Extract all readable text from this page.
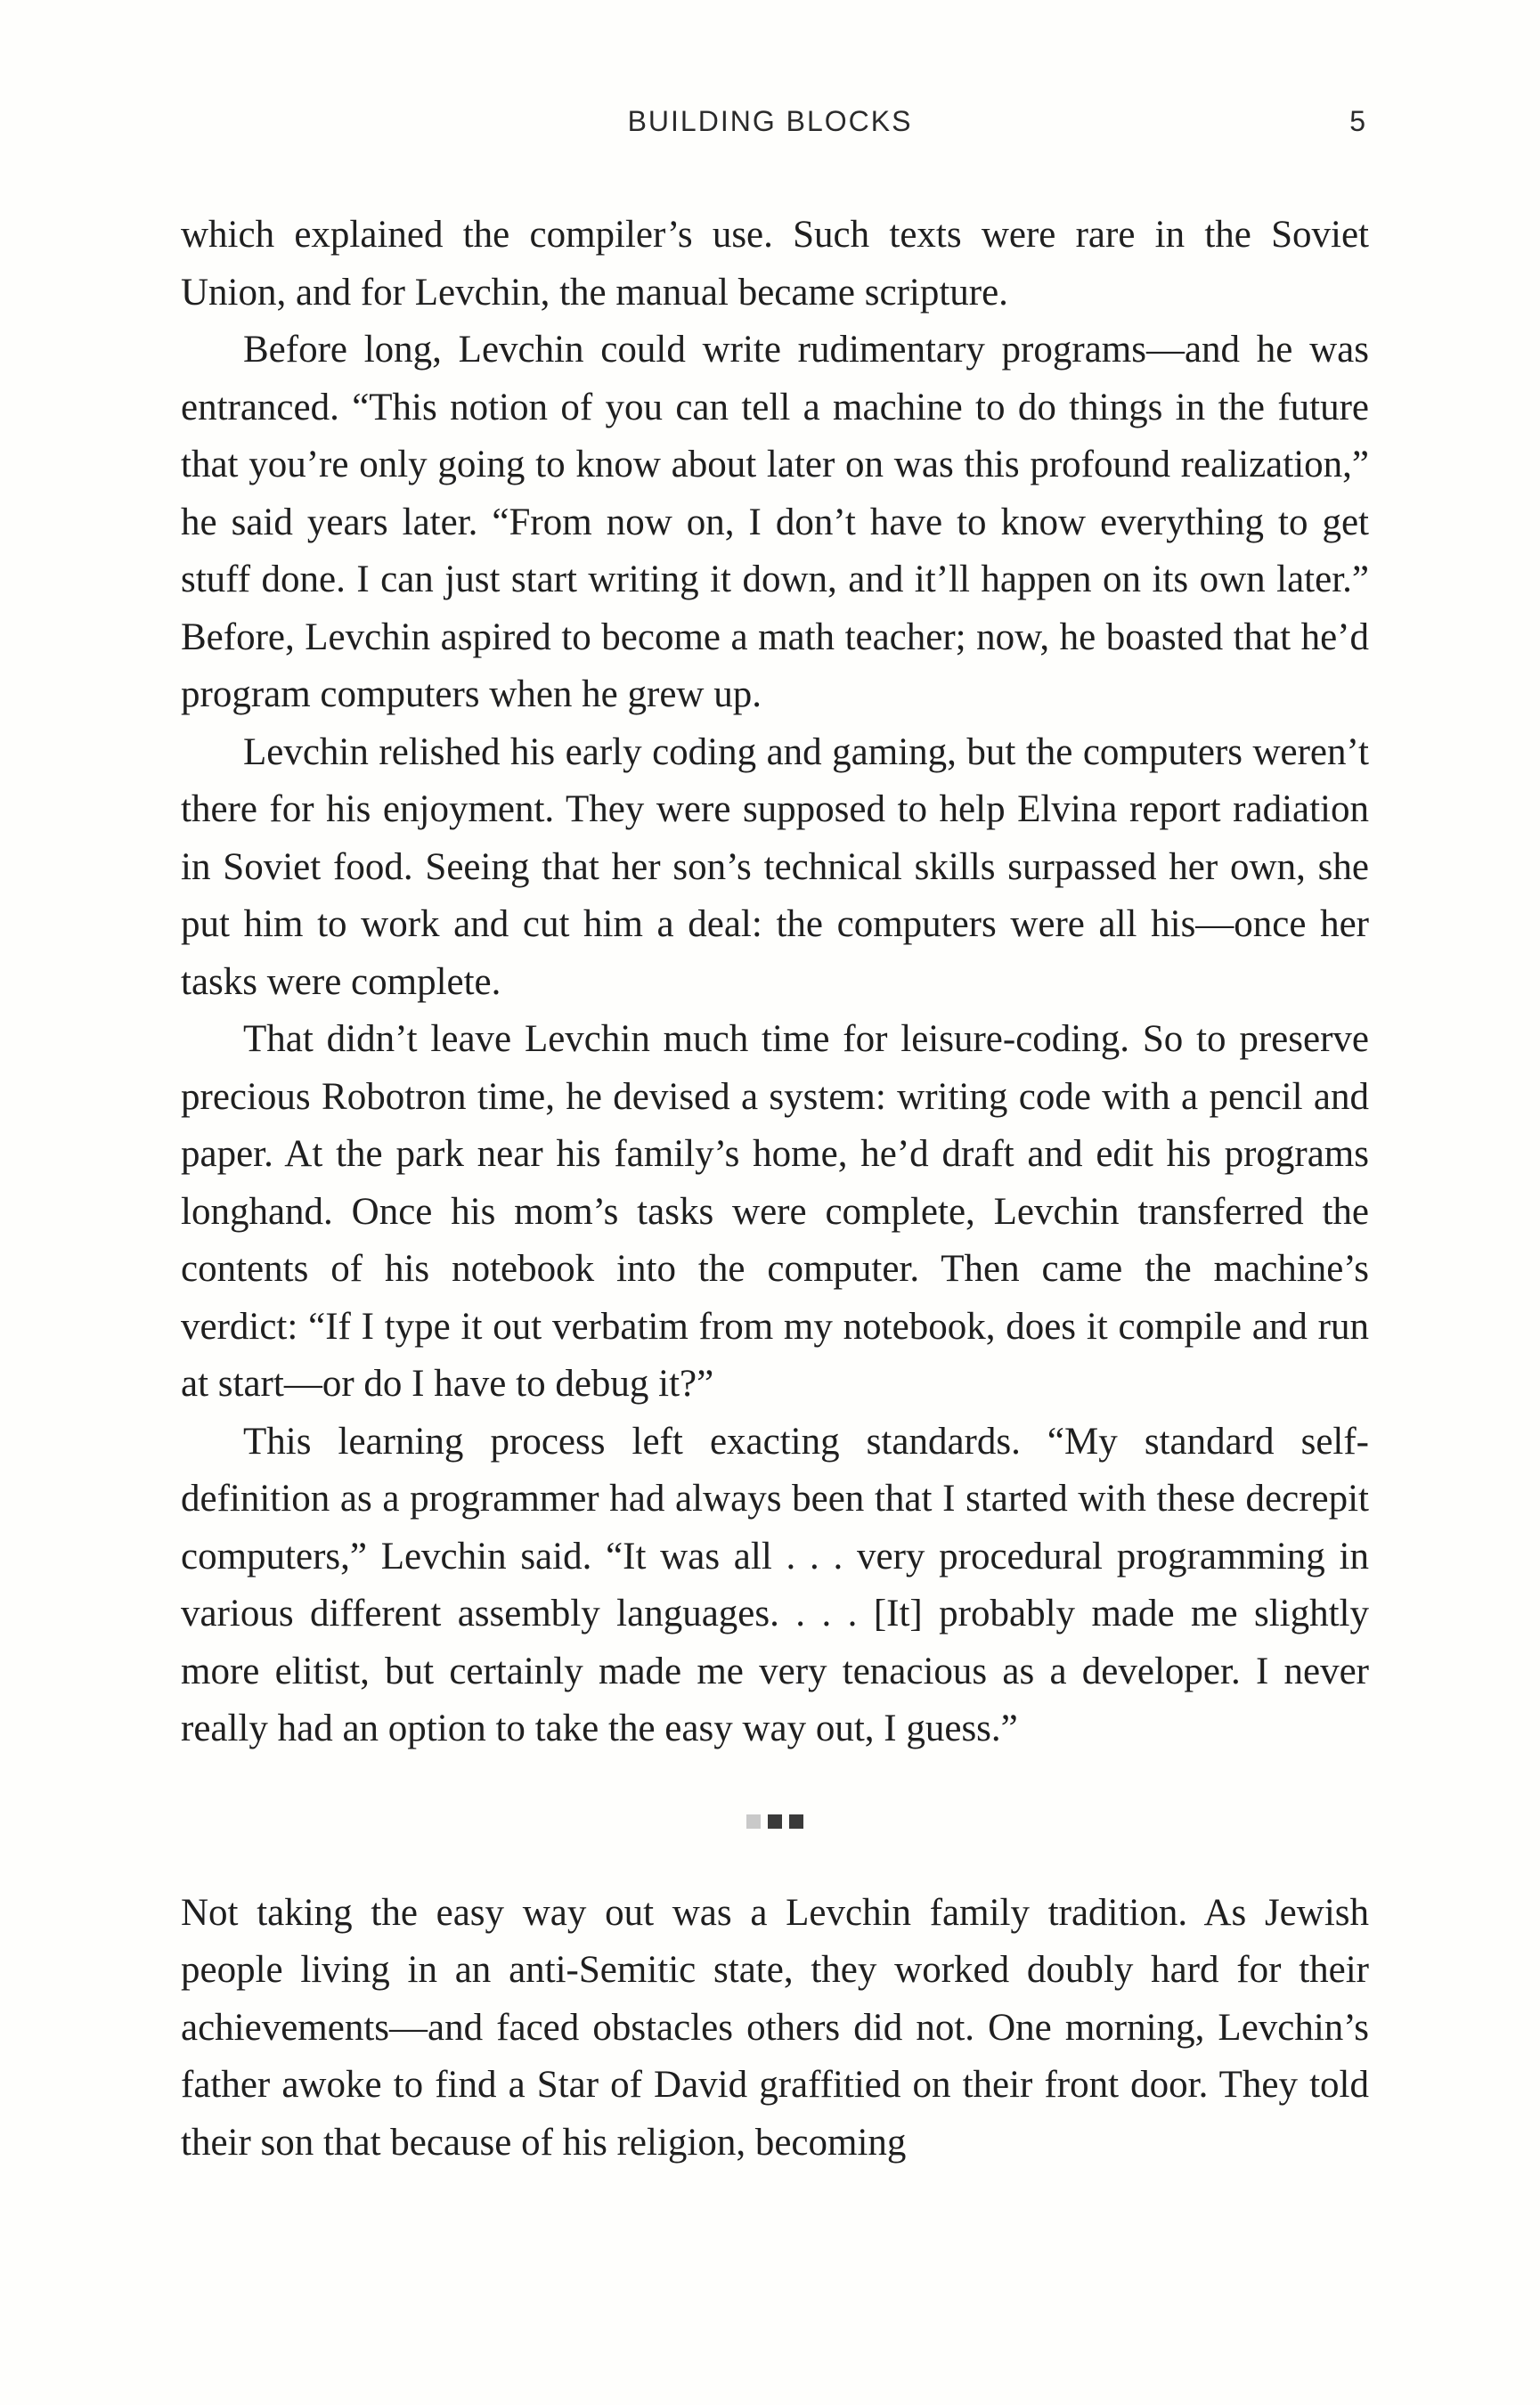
BUILDING BLOCKS	5

which explained the compiler’s use. Such texts were rare in the Soviet Union, and for Levchin, the manual became scripture.

Before long, Levchin could write rudimentary programs—and he was entranced. “This notion of you can tell a machine to do things in the future that you’re only going to know about later on was this profound realization,” he said years later. “From now on, I don’t have to know everything to get stuff done. I can just start writing it down, and it’ll happen on its own later.” Before, Levchin aspired to become a math teacher; now, he boasted that he’d program computers when he grew up.

Levchin relished his early coding and gaming, but the computers weren’t there for his enjoyment. They were supposed to help Elvina report radiation in Soviet food. Seeing that her son’s technical skills surpassed her own, she put him to work and cut him a deal: the computers were all his—once her tasks were complete.

That didn’t leave Levchin much time for leisure-coding. So to preserve precious Robotron time, he devised a system: writing code with a pencil and paper. At the park near his family’s home, he’d draft and edit his programs longhand. Once his mom’s tasks were complete, Levchin transferred the contents of his notebook into the computer. Then came the machine’s verdict: “If I type it out verbatim from my notebook, does it compile and run at start—or do I have to debug it?”

This learning process left exacting standards. “My standard self-definition as a programmer had always been that I started with these decrepit computers,” Levchin said. “It was all . . . very procedural programming in various different assembly languages. . . . [It] probably made me slightly more elitist, but certainly made me very tenacious as a developer. I never really had an option to take the easy way out, I guess.”

Not taking the easy way out was a Levchin family tradition. As Jewish people living in an anti-Semitic state, they worked doubly hard for their achievements—and faced obstacles others did not. One morning, Levchin’s father awoke to find a Star of David graffitied on their front door. They told their son that because of his religion, becoming
